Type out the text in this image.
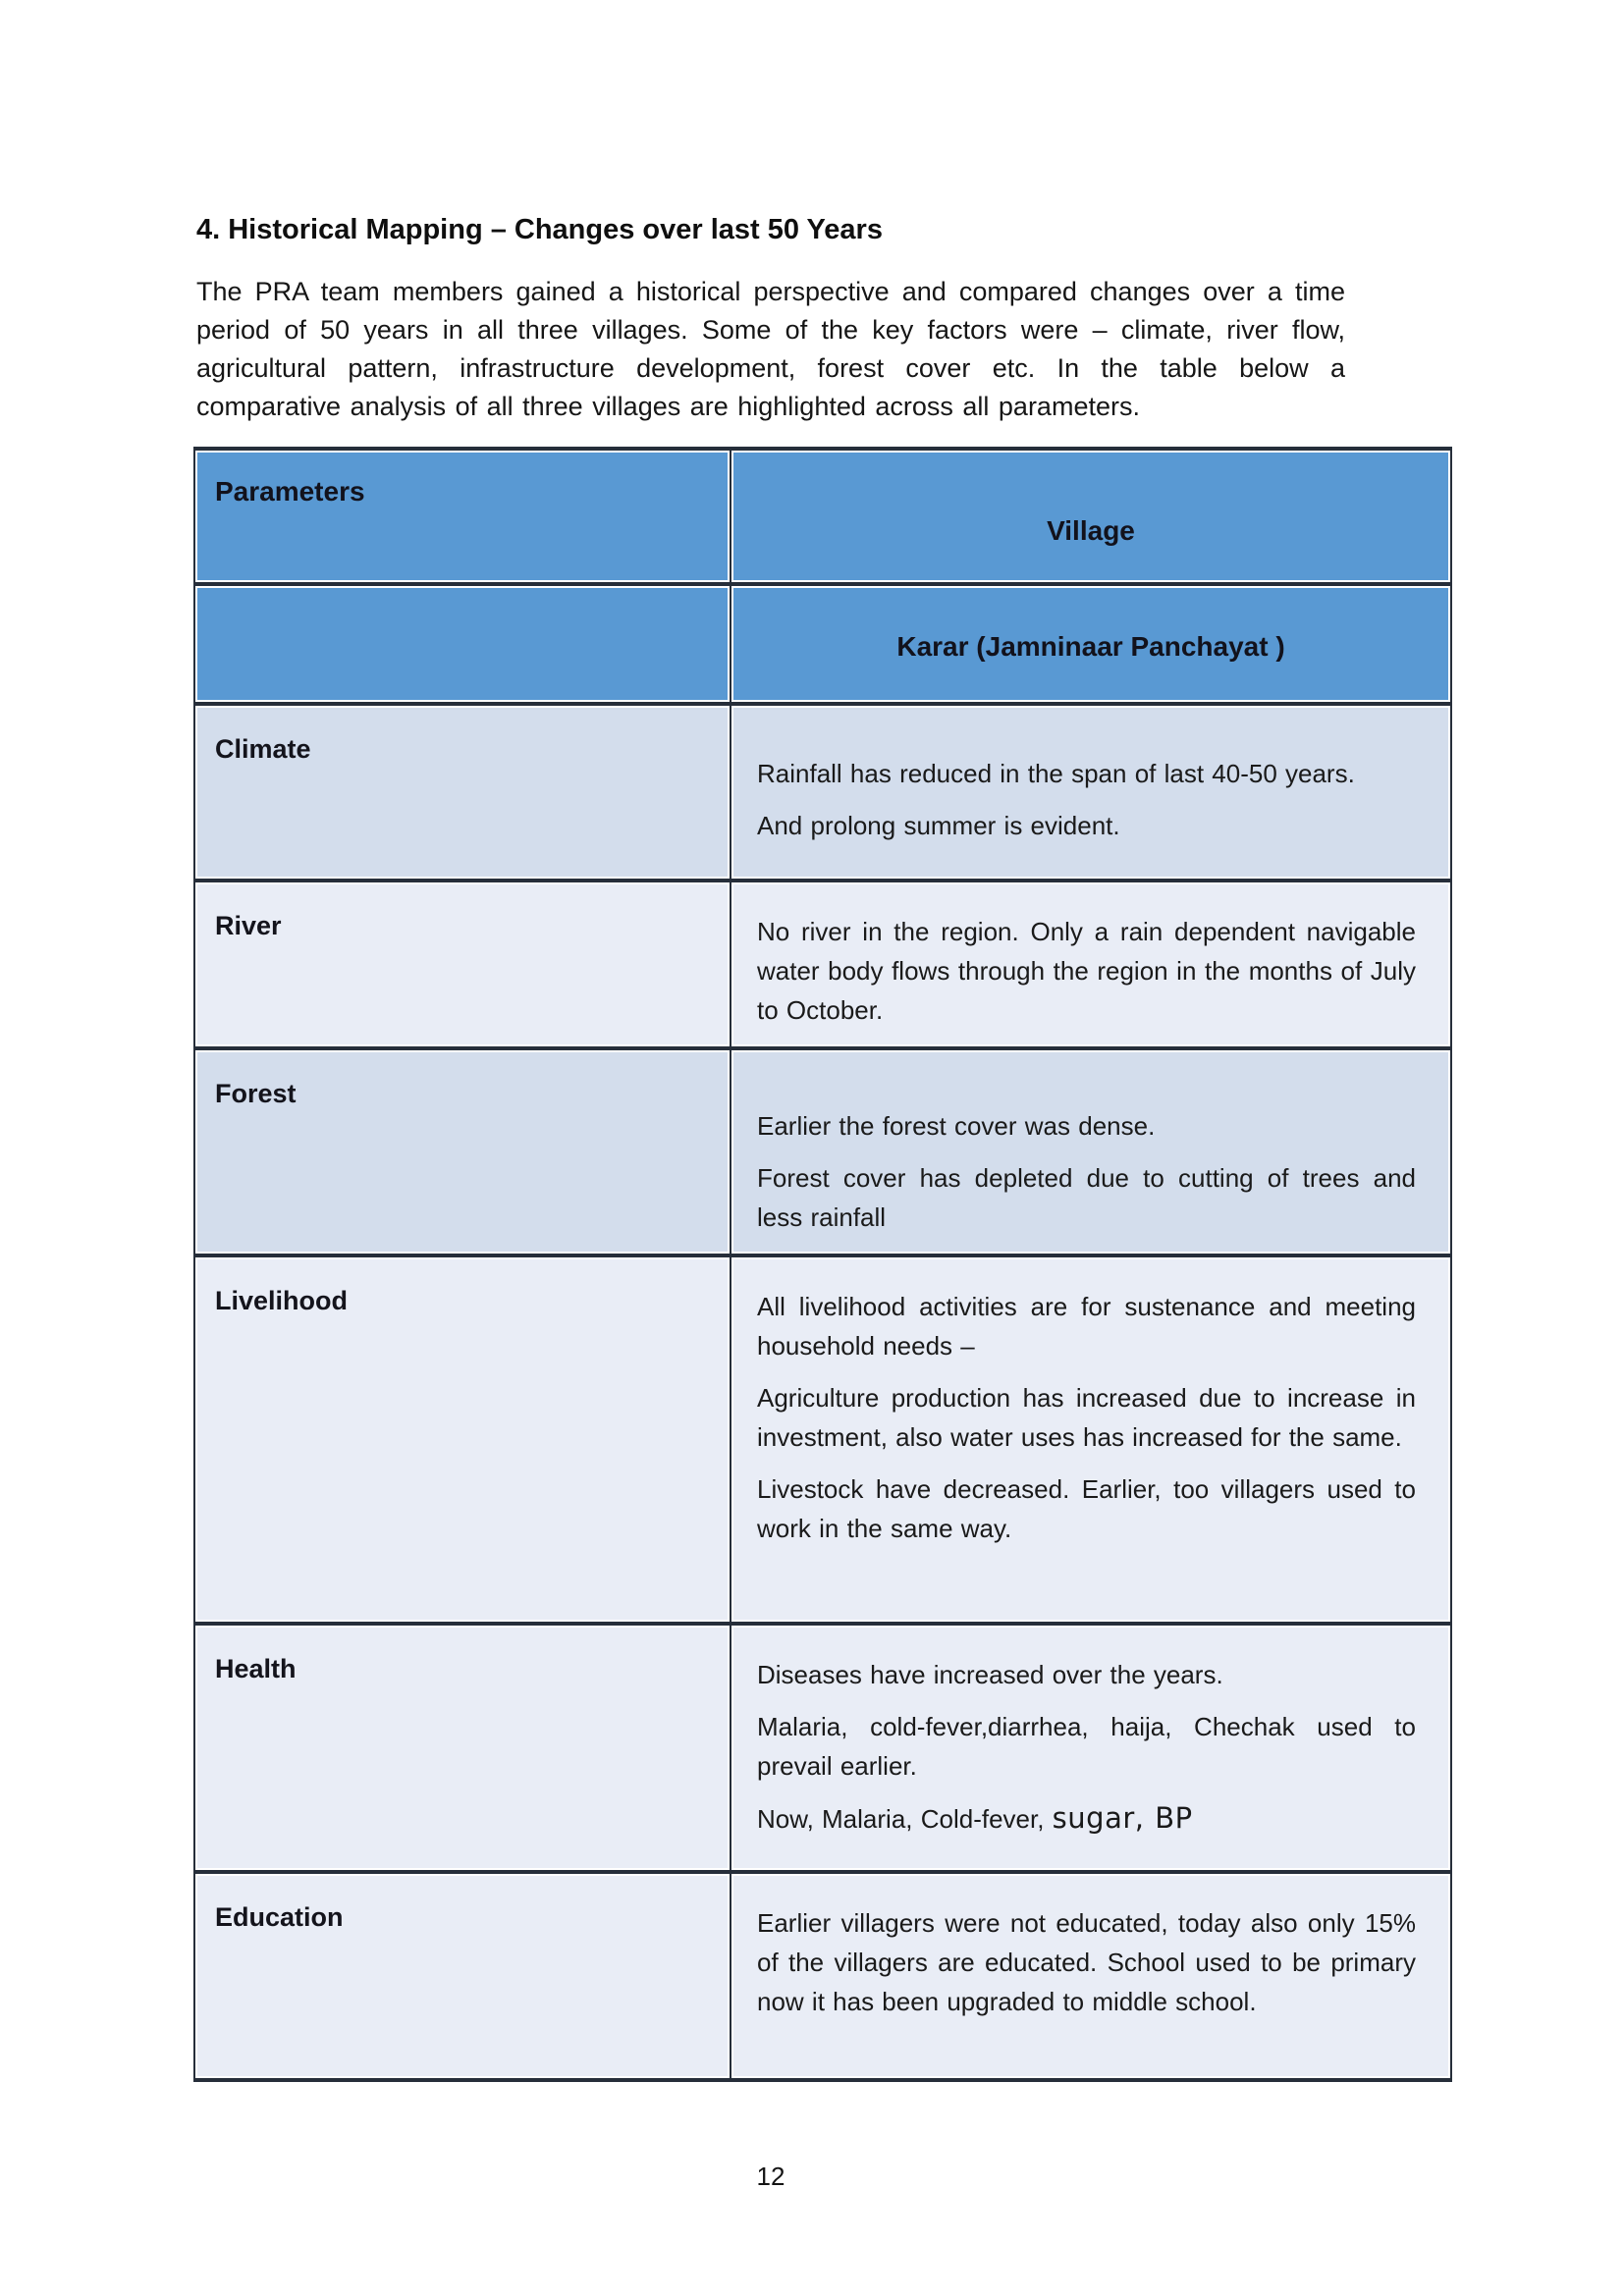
4. Historical Mapping – Changes over last 50 Years

The PRA team members gained a historical perspective and compared changes over a time period of 50 years in all three villages. Some of the key factors were – climate, river flow, agricultural pattern, infrastructure development, forest cover etc. In the table below a comparative analysis of all three villages are highlighted across all parameters.

Parameters	Village
	Karar (Jamninaar Panchayat )
Climate	Rainfall has reduced in the span of last 40-50 years.

And prolong summer is evident.

River	No river in the region. Only a rain dependent navigable water body flows through the region in the months of July to October.

Forest	Earlier the forest cover was dense.

Forest cover has depleted due to cutting of trees and less rainfall

Livelihood	All livelihood activities are for sustenance and meeting household needs –

Agriculture production has increased due to increase in investment, also water uses has increased for the same.

Livestock have decreased. Earlier, too villagers used to work in the same way.

Health	Diseases have increased over the years.

Malaria, cold-fever,diarrhea, haija, Chechak used to prevail earlier.

Now, Malaria, Cold-fever, sugar, BP

Education	Earlier villagers were not educated, today also only 15% of the villagers are educated. School used to be primary now it has been upgraded to middle school.

12
